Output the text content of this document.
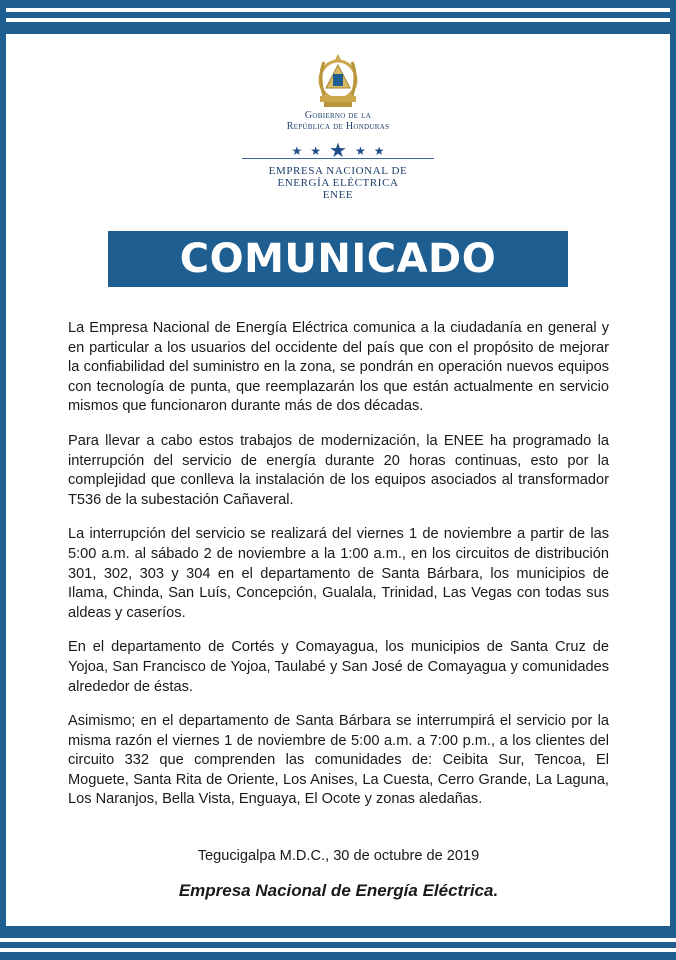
Gobierno de la
República de Honduras
★ ★ ★ ★ ★
EMPRESA NACIONAL DE
ENERGÍA ELÉCTRICA
ENEE
COMUNICADO

La Empresa Nacional de Energía Eléctrica comunica a la ciudadanía en general y en particular a los usuarios del occidente del país que con el propósito de mejorar la confiabilidad del suministro en la zona, se pondrán en operación nuevos equipos con tecnología de punta, que reemplazarán los que están actualmente en servicio mismos que funcionaron durante más de dos décadas.

Para llevar a cabo estos trabajos de modernización, la ENEE ha programado la interrupción del servicio de energía durante 20 horas continuas, esto por la complejidad que conlleva la instalación de los equipos asociados al transformador T536 de la subestación Cañaveral.

La interrupción del servicio se realizará del viernes 1 de noviembre a partir de las 5:00 a.m. al sábado 2 de noviembre a la 1:00 a.m., en los circuitos de distribución 301, 302, 303 y 304 en el departamento de Santa Bárbara, los municipios de Ilama, Chinda, San Luís, Concepción, Gualala, Trinidad, Las Vegas con todas sus aldeas y caseríos.

En el departamento de Cortés y Comayagua, los municipios de Santa Cruz de Yojoa, San Francisco de Yojoa, Taulabé y San José de Comayagua y comunidades alrededor de éstas.

Asimismo; en el departamento de Santa Bárbara se interrumpirá el servicio por la misma razón el viernes 1 de noviembre de 5:00 a.m. a 7:00 p.m., a los clientes del circuito 332 que comprenden las comunidades de: Ceibita Sur, Tencoa, El Moguete, Santa Rita de Oriente, Los Anises, La Cuesta, Cerro Grande, La Laguna, Los Naranjos, Bella Vista, Enguaya, El Ocote y zonas aledañas.

Tegucigalpa M.D.C., 30 de octubre de 2019
Empresa Nacional de Energía Eléctrica.
